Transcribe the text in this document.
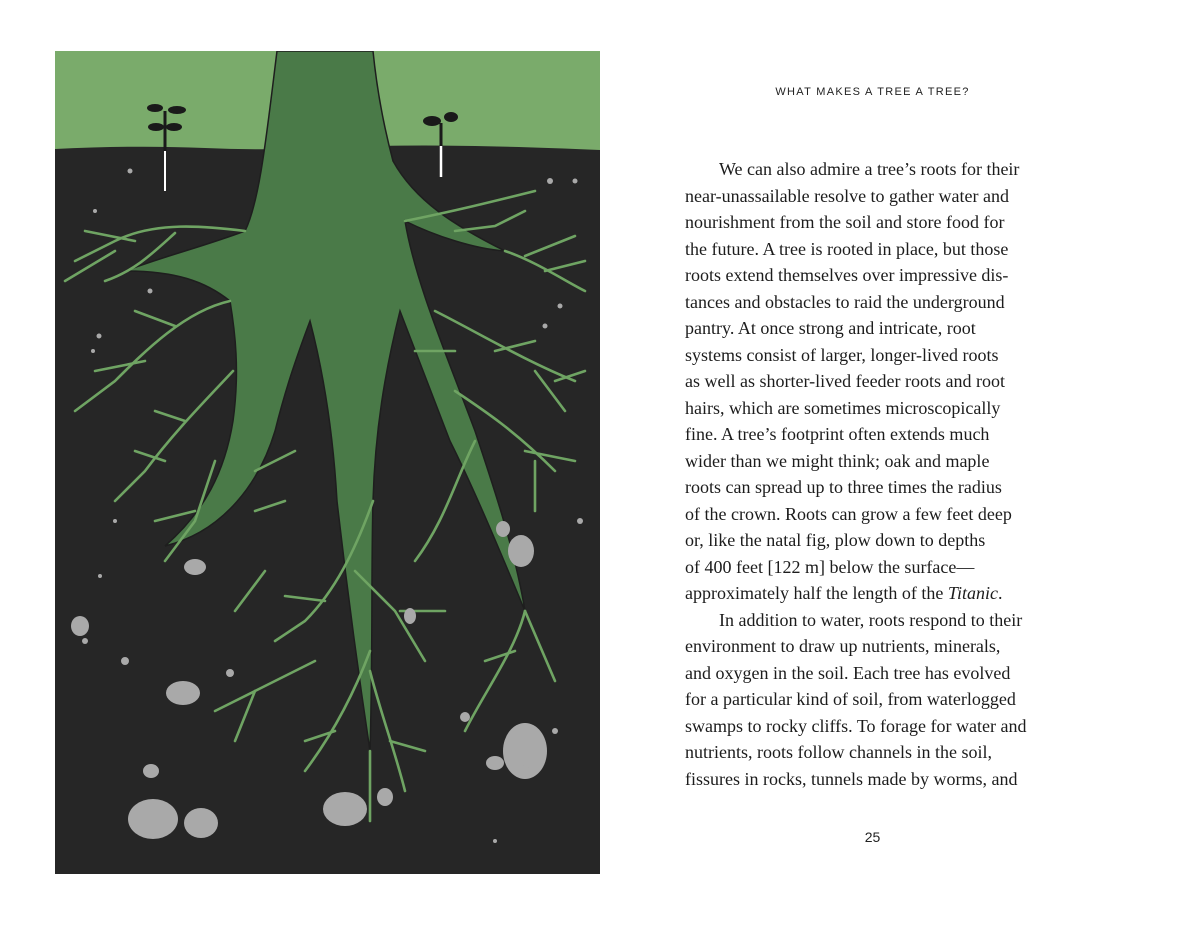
WHAT MAKES A TREE A TREE?
We can also admire a tree’s roots for their
near-unassailable resolve to gather water and
nourishment from the soil and store food for
the future. A tree is rooted in place, but those
roots extend themselves over impressive dis-
tances and obstacles to raid the underground
pantry. At once strong and intricate, root
systems consist of larger, longer-lived roots
as well as shorter-lived feeder roots and root
hairs, which are sometimes microscopically
fine. A tree’s footprint often extends much
wider than we might think; oak and maple
roots can spread up to three times the radius
of the crown. Roots can grow a few feet deep
or, like the natal fig, plow down to depths
of 400 feet [122 m] below the surface—
approximately half the length of the Titanic.
In addition to water, roots respond to their
environment to draw up nutrients, minerals,
and oxygen in the soil. Each tree has evolved
for a particular kind of soil, from waterlogged
swamps to rocky cliffs. To forage for water and
nutrients, roots follow channels in the soil,
fissures in rocks, tunnels made by worms, and
25
